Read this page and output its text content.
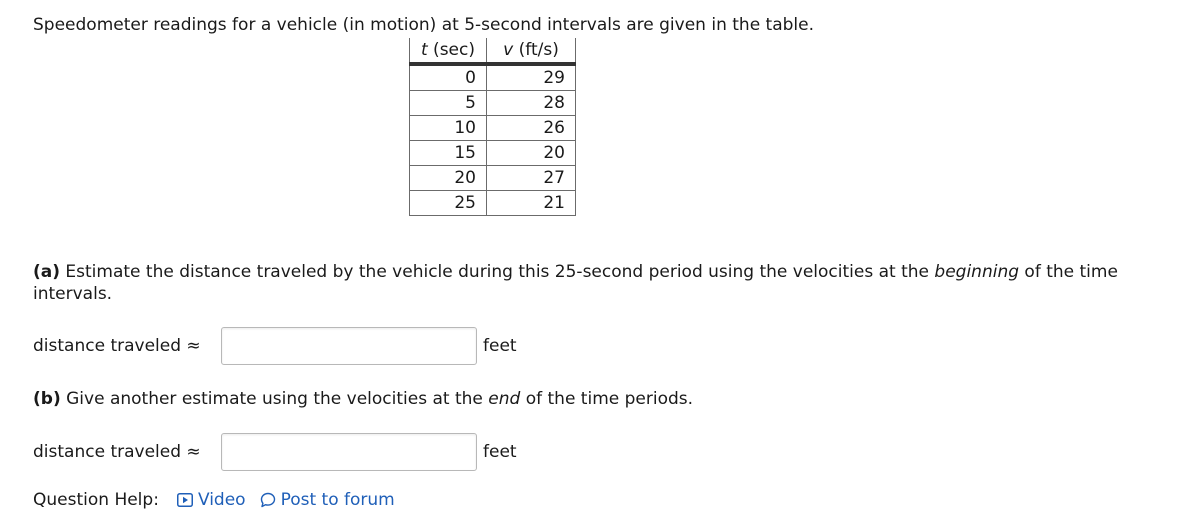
Speedometer readings for a vehicle (in motion) at 5-second intervals are given in the table.

t (sec)	v (ft/s)
0	29
5	28
10	26
15	20
20	27
25	21

(a) Estimate the distance traveled by the vehicle during this 25-second period using the velocities at the beginning of the time intervals.

distance traveled ≈	feet

(b) Give another estimate using the velocities at the end of the time periods.

distance traveled ≈	feet
Question Help: Video Post to forum
